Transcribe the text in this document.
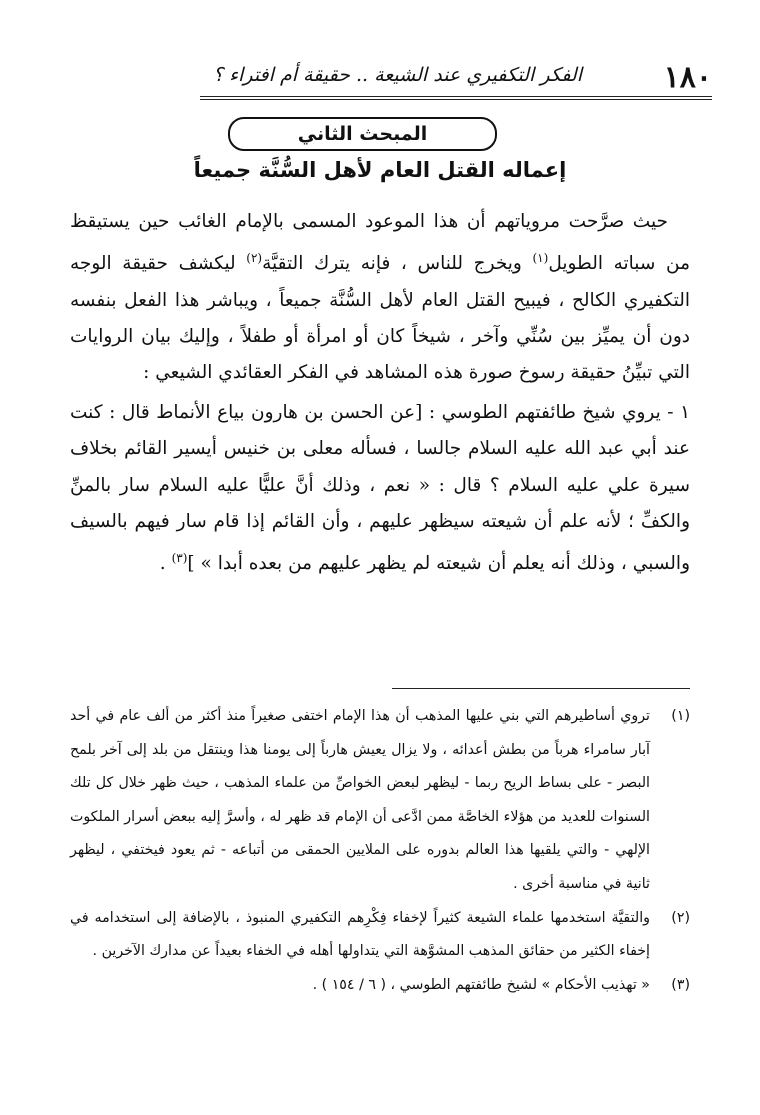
١٨٠
الفكر التكفيري عند الشيعة .. حقيقة أم افتراء ؟
المبحث الثاني
إعماله القتل العام لأهل السُّنَّة جميعاً

حيث صرَّحت مروياتهم أن هذا الموعود المسمى بالإمام الغائب حين يستيقظ من سباته الطويل$^{(١)}$ ويخرج للناس ، فإنه يترك التقيَّة$^{(٢)}$ ليكشف حقيقة الوجه التكفيري الكالح ، فيبيح القتل العام لأهل السُّنَّة جميعاً ، ويباشر هذا الفعل بنفسه دون أن يميِّز بين سُنِّي وآخر ، شيخاً كان أو امرأة أو طفلاً ، وإليك بيان الروايات التي تبيِّنُ حقيقة رسوخ صورة هذه المشاهد في الفكر العقائدي الشيعي :

١ - يروي شيخ طائفتهم الطوسي : [عن الحسن بن هارون بياع الأنماط قال : كنت عند أبي عبد الله عليه السلام جالسا ، فسأله معلى بن خنيس أيسير القائم بخلاف سيرة علي عليه السلام ؟ قال : « نعم ، وذلك أنَّ عليًّا عليه السلام سار بالمنِّ والكفِّ ؛ لأنه علم أن شيعته سيظهر عليهم ، وأن القائم إذا قام سار فيهم بالسيف والسبي ، وذلك أنه يعلم أن شيعته لم يظهر عليهم من بعده أبدا » ]$^{(٣)}$ .

(١)
تروي أساطيرهم التي بني عليها المذهب أن هذا الإمام اختفى صغيراً منذ أكثر من ألف عام في أحد آبار سامراء هرباً من بطش أعدائه ، ولا يزال يعيش هارباً إلى يومنا هذا وينتقل من بلد إلى آخر بلمح البصر - على بساط الريح ربما - ليظهر لبعض الخواصِّ من علماء المذهب ، حيث ظهر خلال كل تلك السنوات للعديد من هؤلاء الخاصَّة ممن ادَّعى أن الإمام قد ظهر له ، وأسرَّ إليه ببعض أسرار الملكوت الإلهي - والتي يلقيها هذا العالم بدوره على الملايين الحمقى من أتباعه - ثم يعود فيختفي ، ليظهر ثانية في مناسبة أخرى .

(٢)
والتقيَّة استخدمها علماء الشيعة كثيراً لإخفاء فِكْرِهم التكفيري المنبوذ ، بالإضافة إلى استخدامه في إخفاء الكثير من حقائق المذهب المشوَّهة التي يتداولها أهله في الخفاء بعيداً عن مدارك الآخرين .

(٣)
« تهذيب الأحكام » لشيخ طائفتهم الطوسي ، ( ٦ / ١٥٤ ) .
